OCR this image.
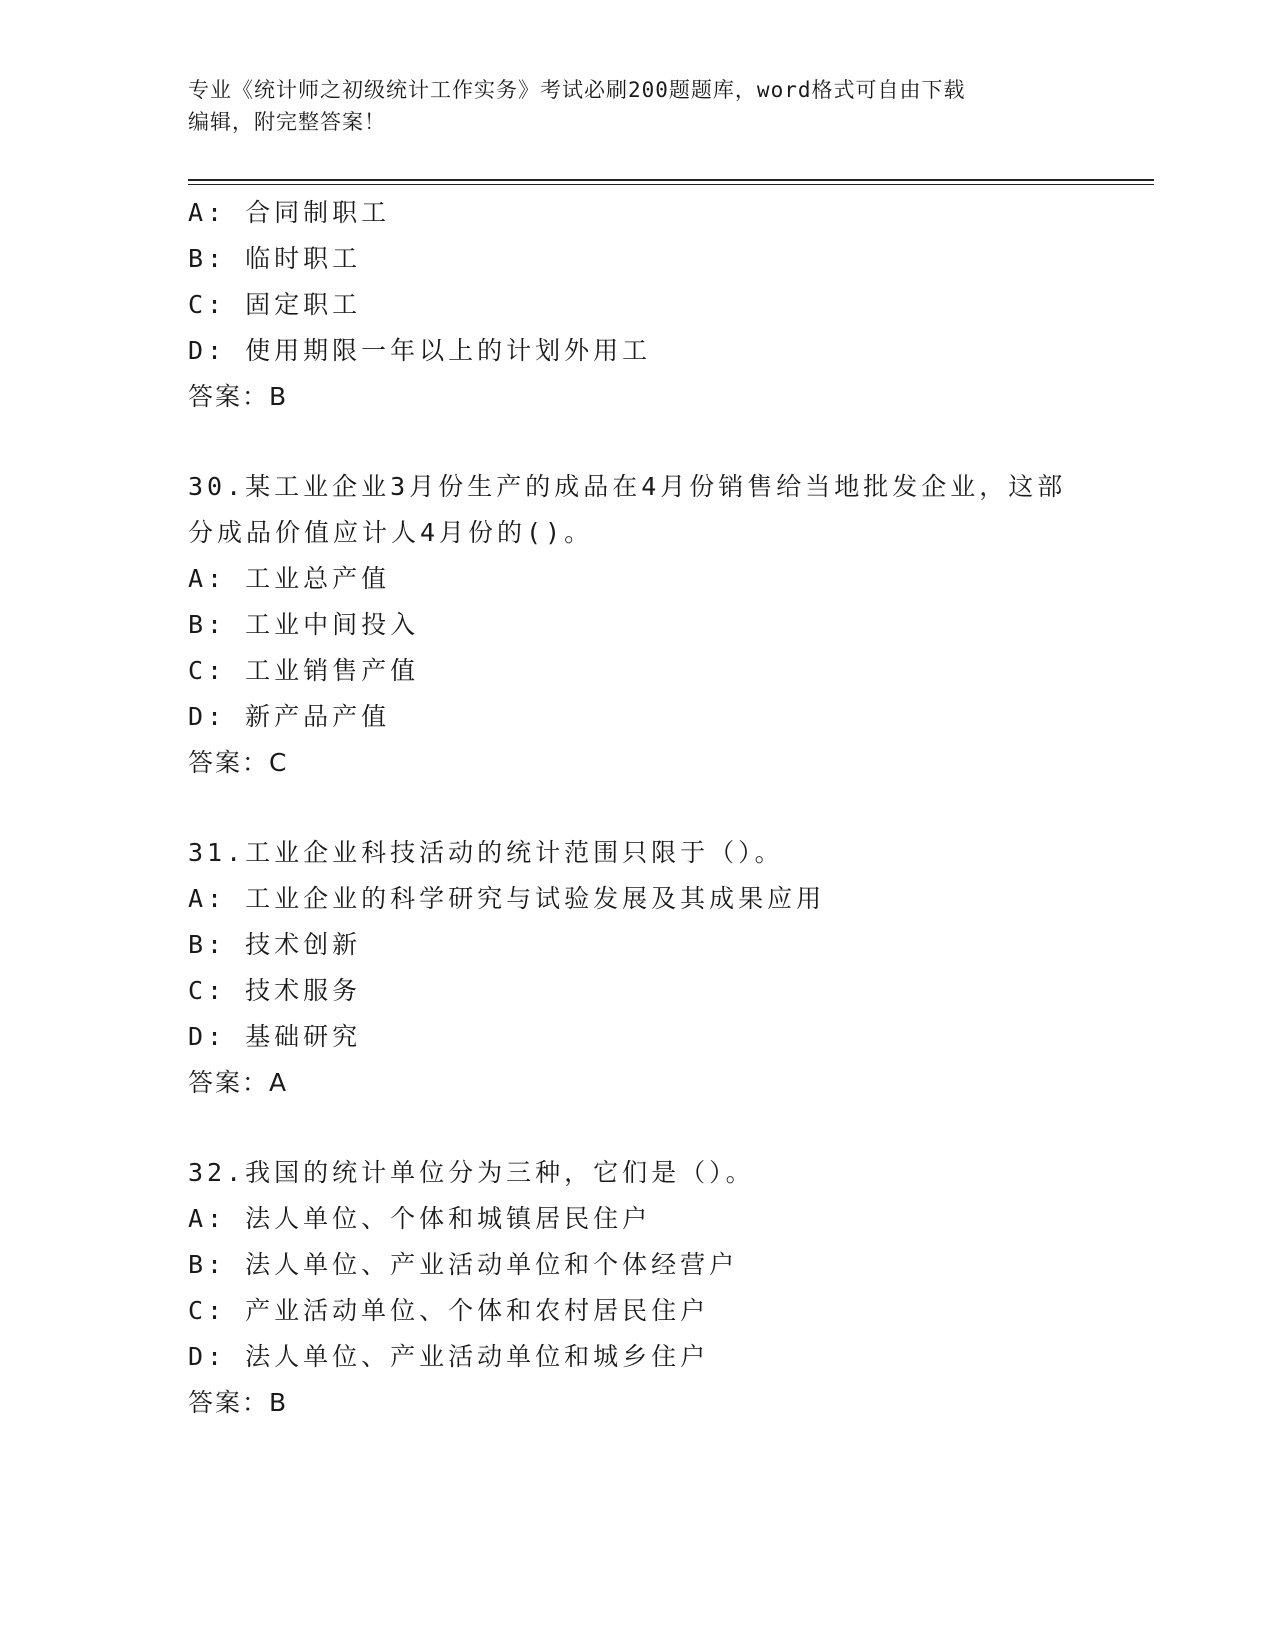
专业《统计师之初级统计工作实务》考试必刷200题题库，word格式可自由下载
编辑，附完整答案！
A: 合同制职工
B: 临时职工
C: 固定职工
D: 使用期限一年以上的计划外用工
答案：B
30.某工业企业3月份生产的成品在4月份销售给当地批发企业，这部
分成品价值应计人4月份的()。
A: 工业总产值
B: 工业中间投入
C: 工业销售产值
D: 新产品产值
答案：C
31.工业企业科技活动的统计范围只限于（）。
A: 工业企业的科学研究与试验发展及其成果应用
B: 技术创新
C: 技术服务
D: 基础研究
答案：A
32.我国的统计单位分为三种，它们是（）。
A: 法人单位、个体和城镇居民住户
B: 法人单位、产业活动单位和个体经营户
C: 产业活动单位、个体和农村居民住户
D: 法人单位、产业活动单位和城乡住户
答案：B
